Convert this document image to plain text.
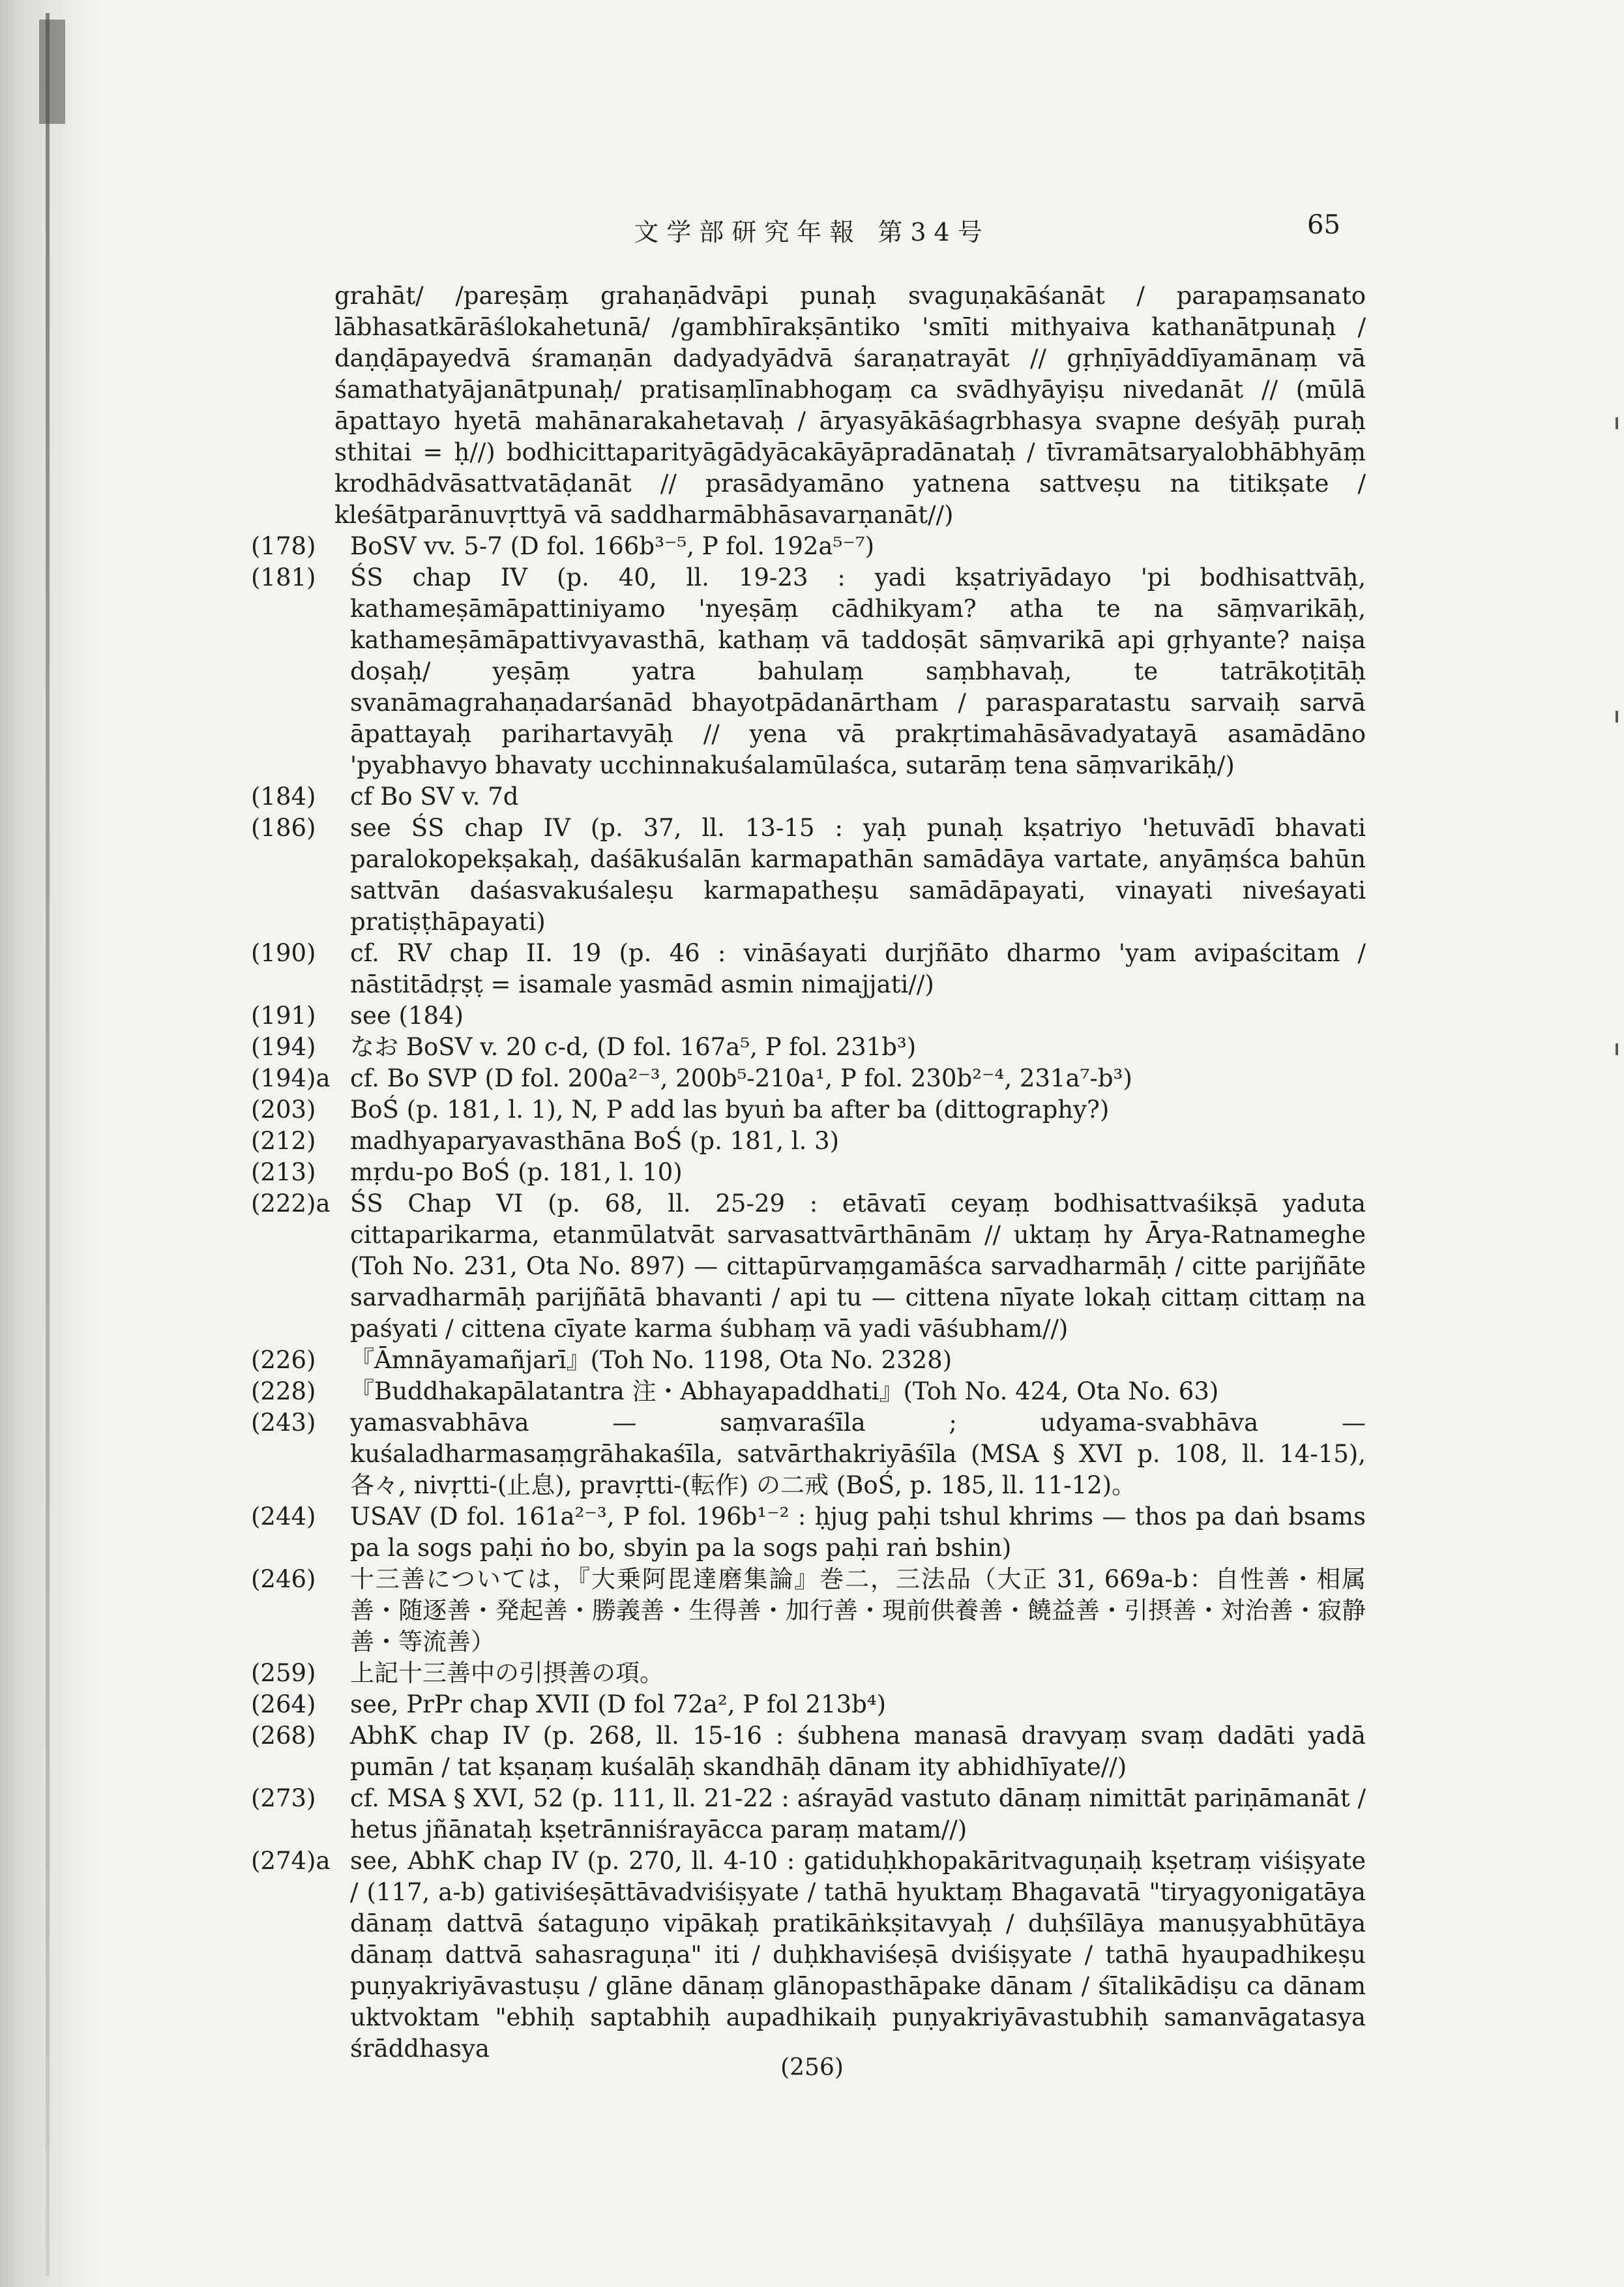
文学部研究年報 第34号	65

grahāt/ /pareṣāṃ grahaṇādvāpi punaḥ svaguṇakāśanāt / parapaṃsanato lābhasatkārāślokahetunā/ /gambhīrakṣāntiko 'smīti mithyaiva kathanātpunaḥ / daṇḍāpayedvā śramaṇān dadyadyādvā śaraṇatrayāt // gṛhṇīyāddīyamānaṃ vā śamathatyājanātpunaḥ/ pratisaṃlīnabhogaṃ ca svādhyāyiṣu nivedanāt // (mūlā āpattayo hyetā mahānarakahetavaḥ / āryasyākāśagrbhasya svapne deśyāḥ puraḥ sthitai = ḥ//) bodhicittaparityāgādyācakāyāpradānataḥ / tīvramātsaryalobhābhyāṃ krodhādvāsattvatāḍanāt // prasādyamāno yatnena sattveṣu na titikṣate / kleśātparānuvṛttyā vā saddharmābhāsavarṇanāt//)

(178)	BoSV vv. 5-7 (D fol. 166b³⁻⁵, P fol. 192a⁵⁻⁷)

(181)	ŚS chap IV (p. 40, ll. 19-23 : yadi kṣatriyādayo 'pi bodhisattvāḥ, kathameṣāmāpattiniyamo 'nyeṣāṃ cādhikyam? atha te na sāṃvarikāḥ, kathameṣāmāpattivyavasthā, kathaṃ vā taddoṣāt sāṃvarikā api gṛhyante? naiṣa doṣaḥ/ yeṣāṃ yatra bahulaṃ saṃbhavaḥ, te tatrākoṭitāḥ svanāmagrahaṇadarśanād bhayotpādanārtham / parasparatastu sarvaiḥ sarvā āpattayaḥ parihartavyāḥ // yena vā prakṛtimahāsāvadyatayā asamādāno 'pyabhavyo bhavaty ucchinnakuśalamūlaśca, sutarāṃ tena sāṃvarikāḥ/)

(184)	cf Bo SV v. 7d

(186)	see ŚS chap IV (p. 37, ll. 13-15 : yaḥ punaḥ kṣatriyo 'hetuvādī bhavati paralokopekṣakaḥ, daśākuśalān karmapathān samādāya vartate, anyāṃśca bahūn sattvān daśasvakuśaleṣu karmapatheṣu samādāpayati, vinayati niveśayati pratiṣṭhāpayati)

(190)	cf. RV chap II. 19 (p. 46 : vināśayati durjñāto dharmo 'yam avipaścitam / nāstitādṛṣṭ = isamale yasmād asmin nimajjati//)

(191)	see (184)

(194)	なお BoSV v. 20 c-d, (D fol. 167a⁵, P fol. 231b³)

(194)a cf. Bo SVP (D fol. 200a²⁻³, 200b⁵-210a¹, P fol. 230b²⁻⁴, 231a⁷-b³)

(203)	BoŚ (p. 181, l. 1), N, P add las byuṅ ba after ba (dittography?)

(212)	madhyaparyavasthāna BoŚ (p. 181, l. 3)

(213)	mṛdu-po BoŚ (p. 181, l. 10)

(222)a ŚS Chap VI (p. 68, ll. 25-29 : etāvatī ceyaṃ bodhisattvaśikṣā yaduta cittaparikarma, etanmūlatvāt sarvasattvārthānām // uktaṃ hy Ārya-Ratnameghe (Toh No. 231, Ota No. 897) — cittapūrvaṃgamāśca sarvadharmāḥ / citte parijñāte sarvadharmāḥ parijñātā bhavanti / api tu — cittena nīyate lokaḥ cittaṃ cittaṃ na paśyati / cittena cīyate karma śubhaṃ vā yadi vāśubham//)

(226)	『Āmnāyamañjarī』(Toh No. 1198, Ota No. 2328)

(228)	『Buddhakapālatantra 注・Abhayapaddhati』(Toh No. 424, Ota No. 63)

(243)	yamasvabhāva — saṃvaraśīla ; udyama-svabhāva — kuśaladharmasaṃgrāhakaśīla, satvārthakriyāśīla (MSA § XVI p. 108, ll. 14-15), 各々, nivṛtti-(止息), pravṛtti-(転作) の二戒 (BoŚ, p. 185, ll. 11-12)。

(244)	USAV (D fol. 161a²⁻³, P fol. 196b¹⁻² : ḥjug paḥi tshul khrims — thos pa daṅ bsams pa la sogs paḥi ṅo bo, sbyin pa la sogs paḥi raṅ bshin)

(246)	十三善については，『大乗阿毘達磨集論』巻二，三法品（大正 31, 669a-b：自性善・相属善・随逐善・発起善・勝義善・生得善・加行善・現前供養善・饒益善・引摂善・対治善・寂静善・等流善）

(259)	上記十三善中の引摂善の項。

(264)	see, PrPr chap XVII (D fol 72a², P fol 213b⁴)

(268)	AbhK chap IV (p. 268, ll. 15-16 : śubhena manasā dravyaṃ svaṃ dadāti yadā pumān / tat kṣaṇaṃ kuśalāḥ skandhāḥ dānam ity abhidhīyate//)

(273)	cf. MSA § XVI, 52 (p. 111, ll. 21-22 : aśrayād vastuto dānaṃ nimittāt pariṇāmanāt / hetus jñānataḥ kṣetrānniśrayācca paraṃ matam//)

(274)a see, AbhK chap IV (p. 270, ll. 4-10 : gatiduḥkhopakāritvaguṇaiḥ kṣetraṃ viśiṣyate / (117, a-b) gativiśeṣāttāvadviśiṣyate / tathā hyuktaṃ Bhagavatā "tiryagyonigatāya dānaṃ dattvā śataguṇo vipākaḥ pratikāṅkṣitavyaḥ / duḥśīlāya manuṣyabhūtāya dānaṃ dattvā sahasraguṇa" iti / duḥkhaviśeṣā dviśiṣyate / tathā hyaupadhikeṣu puṇyakriyāvastuṣu / glāne dānaṃ glānopasthāpake dānam / śītalikādiṣu ca dānam uktvoktam "ebhiḥ saptabhiḥ aupadhikaiḥ puṇyakriyāvastubhiḥ samanvāgatasya śrāddhasya

(256)
